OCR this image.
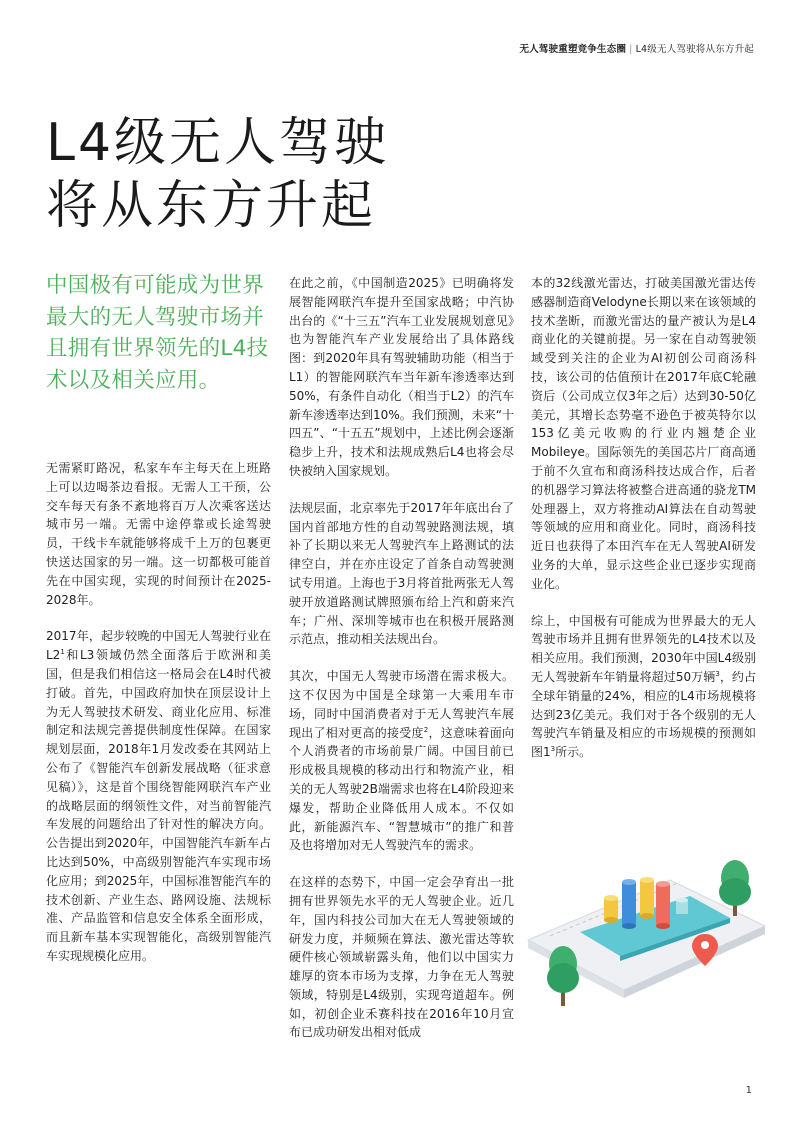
无人驾驶重塑竞争生态圈 | L4级无人驾驶将从东方升起
L4级无人驾驶
将从东方升起

中国极有可能成为世界最大的无人驾驶市场并且拥有世界领先的L4技术以及相关应用。

无需紧盯路况，私家车车主每天在上班路上可以边喝茶边看报。无需人工干预，公交车每天有条不紊地将百万人次乘客送达城市另一端。无需中途停靠或长途驾驶员，干线卡车就能够将成千上万的包裹更快送达国家的另一端。这一切都极可能首先在中国实现，实现的时间预计在2025-2028年。

2017年，起步较晚的中国无人驾驶行业在$L2^1$和L3领域仍然全面落后于欧洲和美国，但是我们相信这一格局会在L4时代被打破。首先，中国政府加快在顶层设计上为无人驾驶技术研发、商业化应用、标准制定和法规完善提供制度性保障。在国家规划层面，2018年1月发改委在其网站上公布了《智能汽车创新发展战略（征求意见稿）》，这是首个围绕智能网联汽车产业的战略层面的纲领性文件，对当前智能汽车发展的问题给出了针对性的解决方向。公告提出到2020年，中国智能汽车新车占比达到50%，中高级别智能汽车实现市场化应用；到2025年，中国标准智能汽车的技术创新、产业生态、路网设施、法规标准、产品监管和信息安全体系全面形成，而且新车基本实现智能化，高级别智能汽车实现规模化应用。

在此之前，《中国制造2025》已明确将发展智能网联汽车提升至国家战略；中汽协出台的《“十三五”汽车工业发展规划意见》也为智能汽车产业发展给出了具体路线图：到2020年具有驾驶辅助功能（相当于L1）的智能网联汽车当年新车渗透率达到50%，有条件自动化（相当于L2）的汽车新车渗透率达到10%。我们预测，未来“十四五”、“十五五”规划中，上述比例会逐渐稳步上升，技术和法规成熟后L4也将会尽快被纳入国家规划。

法规层面，北京率先于2017年年底出台了国内首部地方性的自动驾驶路测法规，填补了长期以来无人驾驶汽车上路测试的法律空白，并在亦庄设定了首条自动驾驶测试专用道。上海也于3月将首批两张无人驾驶开放道路测试牌照颁布给上汽和蔚来汽车；广州、深圳等城市也在积极开展路测示范点，推动相关法规出台。

其次，中国无人驾驶市场潜在需求极大。这不仅因为中国是全球第一大乘用车市场，同时中国消费者对于无人驾驶汽车展现出了相对更高的接受度$^2$，这意味着面向个人消费者的市场前景广阔。中国目前已形成极具规模的移动出行和物流产业，相关的无人驾驶2B端需求也将在L4阶段迎来爆发，帮助企业降低用人成本。不仅如此，新能源汽车、“智慧城市”的推广和普及也将增加对无人驾驶汽车的需求。

在这样的态势下，中国一定会孕育出一批拥有世界领先水平的无人驾驶企业。近几年，国内科技公司加大在无人驾驶领域的研发力度，并频频在算法、激光雷达等软硬件核心领域崭露头角，他们以中国实力雄厚的资本市场为支撑，力争在无人驾驶领域，特别是L4级别，实现弯道超车。例如，初创企业禾赛科技在2016年10月宣布已成功研发出相对低成

本的32线激光雷达，打破美国激光雷达传感器制造商Velodyne长期以来在该领域的技术垄断，而激光雷达的量产被认为是L4商业化的关键前提。另一家在自动驾驶领域受到关注的企业为AI初创公司商汤科技，该公司的估值预计在2017年底C轮融资后（公司成立仅3年之后）达到30-50亿美元，其增长态势毫不逊色于被英特尔以153亿美元收购的行业内翘楚企业Mobileye。国际领先的美国芯片厂商高通于前不久宣布和商汤科技达成合作，后者的机器学习算法将被整合进高通的骁龙TM处理器上，双方将推动AI算法在自动驾驶等领域的应用和商业化。同时，商汤科技近日也获得了本田汽车在无人驾驶AI研发业务的大单，显示这些企业已逐步实现商业化。

综上，中国极有可能成为世界最大的无人驾驶市场并且拥有世界领先的L4技术以及相关应用。我们预测，2030年中国L4级别无人驾驶新车年销量将超过50万辆$^3$，约占全球年销量的24%，相应的L4市场规模将达到23亿美元。我们对于各个级别的无人驾驶汽车销量及相应的市场规模的预测如图$1^3$所示。

1
